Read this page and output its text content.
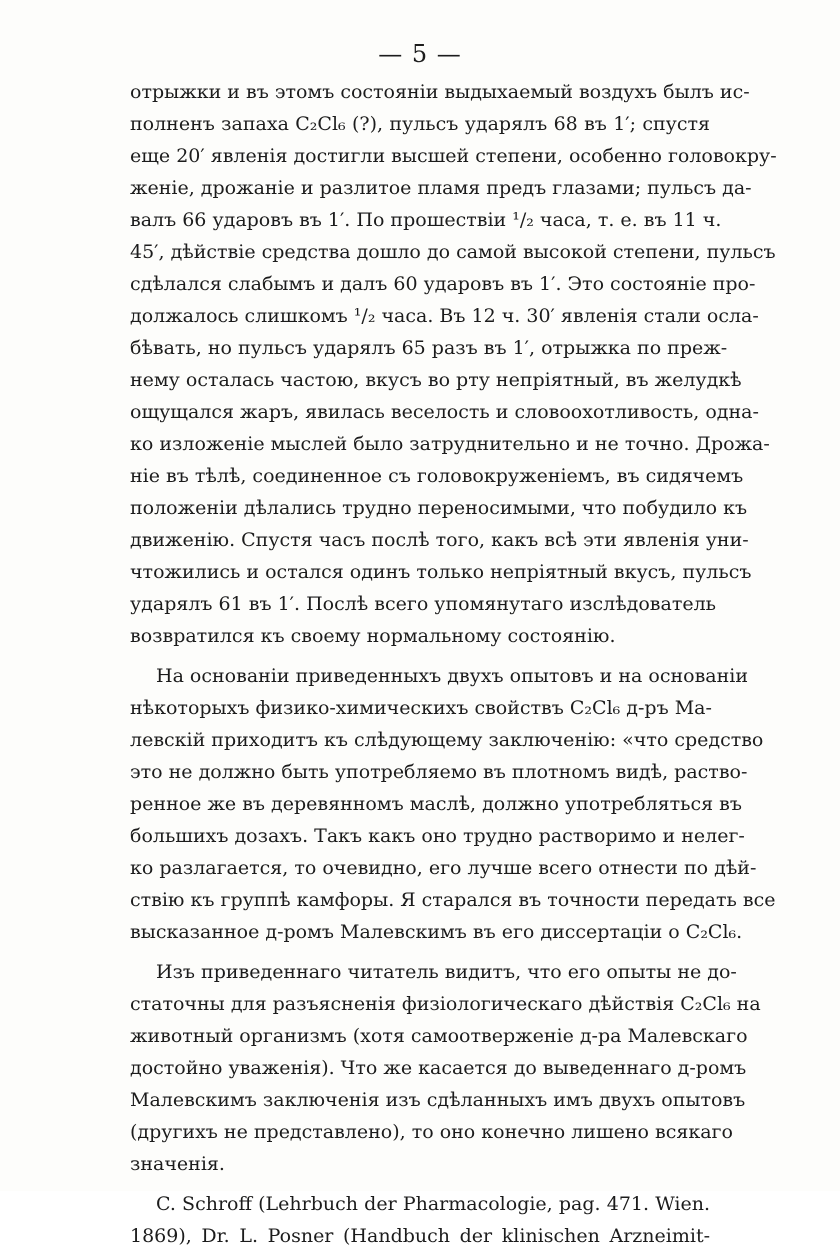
— 5 —
отрыжки и въ этомъ состояніи выдыхаемый воздухъ былъ ис-
полненъ запаха C₂Cl₆ (?), пульсъ ударялъ 68 въ 1′; спустя
еще 20′ явленія достигли высшей степени, особенно головокру-
женіе, дрожаніе и разлитое пламя предъ глазами; пульсъ да-
валъ 66 ударовъ въ 1′. По прошествіи ¹/₂ часа, т. е. въ 11 ч.
45′, дѣйствіе средства дошло до самой высокой степени, пульсъ
сдѣлался слабымъ и далъ 60 ударовъ въ 1′. Это состояніе про-
должалось слишкомъ ¹/₂ часа. Въ 12 ч. 30′ явленія стали осла-
бѣвать, но пульсъ ударялъ 65 разъ въ 1′, отрыжка по преж-
нему осталась частою, вкусъ во рту непріятный, въ желудкѣ
ощущался жаръ, явилась веселость и словоохотливость, одна-
ко изложеніе мыслей было затруднительно и не точно. Дрожа-
ніе въ тѣлѣ, соединенное съ головокруженіемъ, въ сидячемъ
положеніи дѣлались трудно переносимыми, что побудило къ
движенію. Спустя часъ послѣ того, какъ всѣ эти явленія уни-
чтожились и остался одинъ только непріятный вкусъ, пульсъ
ударялъ 61 въ 1′. Послѣ всего упомянутаго изслѣдователь
возвратился къ своему нормальному состоянію.
На основаніи приведенныхъ двухъ опытовъ и на основаніи
нѣкоторыхъ физико-химическихъ свойствъ C₂Cl₆ д-ръ Ма-
левскій приходитъ къ слѣдующему заключенію: «что средство
это не должно быть употребляемо въ плотномъ видѣ, раство-
ренное же въ деревянномъ маслѣ, должно употребляться въ
большихъ дозахъ. Такъ какъ оно трудно растворимо и нелег-
ко разлагается, то очевидно, его лучше всего отнести по дѣй-
ствію къ группѣ камфоры. Я старался въ точности передать все
высказанное д-ромъ Малевскимъ въ его диссертаціи о C₂Cl₆.
Изъ приведеннаго читатель видитъ, что его опыты не до-
статочны для разъясненія физіологическаго дѣйствія C₂Cl₆ на
животный организмъ (хотя самоотверженіе д-ра Малевскаго
достойно уваженія). Что же касается до выведеннаго д-ромъ
Малевскимъ заключенія изъ сдѣланныхъ имъ двухъ опытовъ
(другихъ не представлено), то оно конечно лишено всякаго
значенія.
C. Schroff (Lehrbuch der Pharmacologie, pag. 471. Wien.
1869), Dr. L. Posner (Handbuch der klinischen Arzneimit-
